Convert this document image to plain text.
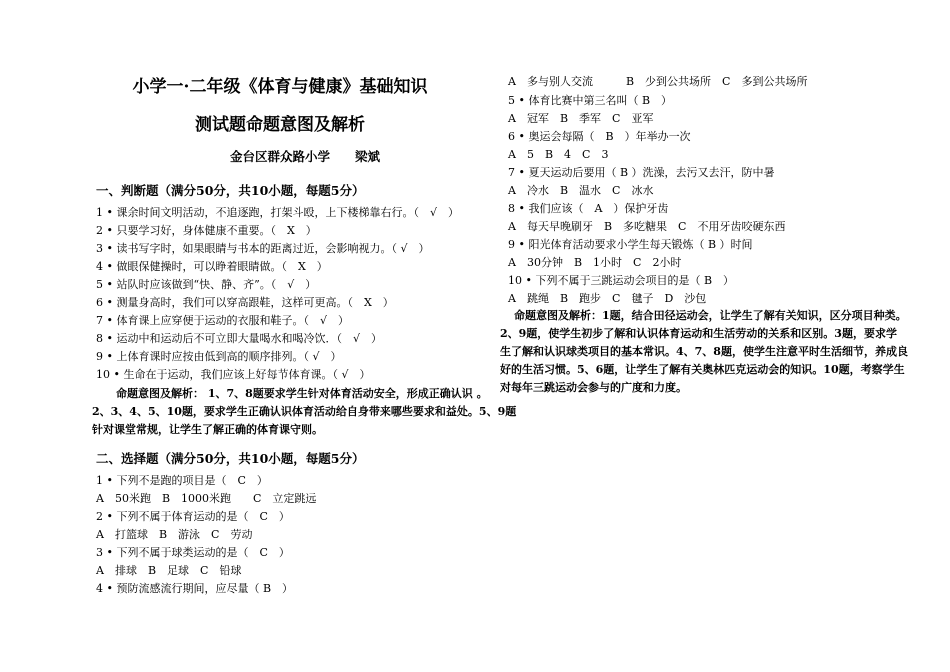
小学一·二年级《体育与健康》基础知识
测试题命题意图及解析
金台区群众路小学　　梁斌
一、判断题（满分50分，共10小题，每题5分）
1 • 课余时间文明活动，不追逐跑，打架斗殴，上下楼梯靠右行。（　√　）
2 • 只要学习好，身体健康不重要。（　X　）
3 • 读书写字时，如果眼睛与书本的距离过近，会影响视力。（ √　）
4 • 做眼保健操时，可以睁着眼睛做。（　X　）
5 • 站队时应该做到“快、静、齐”。（　√　）
6 • 测量身高时，我们可以穿高跟鞋，这样可更高。（　X　）
7 • 体育课上应穿便于运动的衣服和鞋子。（　√　）
8 • 运动中和运动后不可立即大量喝水和喝冷饮．（　√　）
9 • 上体育课时应按由低到高的顺序排列。（ √　）
10 • 生命在于运动，我们应该上好每节体育课。（ √　）
命题意图及解析： 1、7、8题要求学生针对体育活动安全，形成正确认识 。
2、3、4、5、10题，要求学生正确认识体育活动给自身带来哪些要求和益处。5、9题
针对课堂常规，让学生了解正确的体育课守则。
二、选择题（满分50分，共10小题，每题5分）
1 • 下列不是跑的项目是（　C　）
A　50米跑　B　1000米跑　　C　立定跳远
2 • 下列不属于体育运动的是（　C　）
A　打篮球　B　游泳　C　劳动
3 • 下列不属于球类运动的是（　C　）
A　排球　B　足球　C　铅球
4 • 预防流感流行期间，应尽量（ B　）
A　多与别人交流　　　B　少到公共场所　C　多到公共场所
5 • 体育比赛中第三名叫（ B　）
A　冠军　B　季军　C　亚军
6 • 奥运会每隔（　B　）年举办一次
A　5　B　4　C　3
7 • 夏天运动后要用（ B ）洗澡，去污又去汗，防中暑
A　冷水　B　温水　C　冰水
8 • 我们应该（　A　）保护牙齿
A　每天早晚刷牙　B　多吃糖果　C　不用牙齿咬硬东西
9 • 阳光体育活动要求小学生每天锻炼（ B ）时间
A　30分钟　B　1小时　C　2小时
10 • 下列不属于三跳运动会项目的是（ B　）
A　跳绳　B　跑步　C　毽子　D　沙包
命题意图及解析：1题，结合田径运动会，让学生了解有关知识，区分项目种类。
2、9题，使学生初步了解和认识体育运动和生活劳动的关系和区别。3题，要求学
生了解和认识球类项目的基本常识。4、7、8题，使学生注意平时生活细节，养成良
好的生活习惯。5、6题，让学生了解有关奥林匹克运动会的知识。10题，考察学生
对每年三跳运动会参与的广度和力度。
